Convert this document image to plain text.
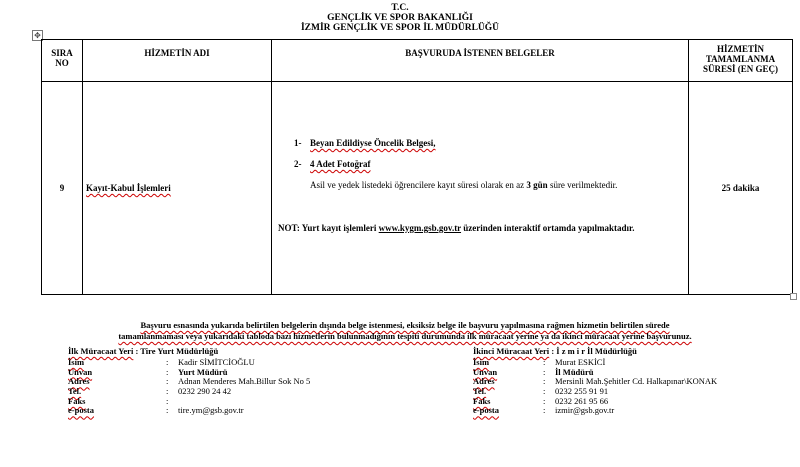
T.C.
GENÇLİK VE SPOR BAKANLIĞI
İZMİR GENÇLİK VE SPOR İL MÜDÜRLÜĞÜ
✥
SIRA NO	HİZMETİN ADI	BAŞVURUDA İSTENEN BELGELER	HİZMETİN
TAMAMLANMA
SÜRESİ (EN GEÇ)

9	Kayıt-Kabul İşlemleri	1- Beyan Edildiyse Öncelik Belgesi,
2- 4 Adet Fotoğraf
Asil ve yedek listedeki öğrencilere kayıt süresi olarak en az 3 gün süre verilmektedir.
NOT: Yurt kayıt işlemleri www.kygm.gsb.gov.tr üzerinden interaktif ortamda yapılmaktadır.	25 dakika
Başvuru esnasında yukarıda belirtilen belgelerin dışında belge istenmesi, eksiksiz belge ile başvuru yapılmasına rağmen hizmetin belirtilen sürede
tamamlanmaması veya yukarıdaki tabloda bazı hizmetlerin bulunmadığının tespiti durumunda ilk müracaat yerine ya da ikinci müracaat yerine başvurunuz.
İlk Müracaat Yeri : Tire Yurt Müdürlüğü
İsim	:	Kadir SİMİTCİOĞLU
Unvan	:	Yurt Müdürü
Adres	:	Adnan Menderes Mah.Billur Sok No 5
Tel.	:	0232 290 24 42
Faks	:
e-posta	:	tire.ym@gsb.gov.tr
İkinci Müracaat Yeri : İ z m i r İl Müdürlüğü
İsim	:	Murat ESKİCİ
Unvan	:	İl Müdürü
Adres	:	Mersinli Mah.Şehitler Cd. Halkapınar\KONAK
Tel.	:	0232 255 91 91
Faks	:	0232 261 95 66
e-posta	:	izmir@gsb.gov.tr
